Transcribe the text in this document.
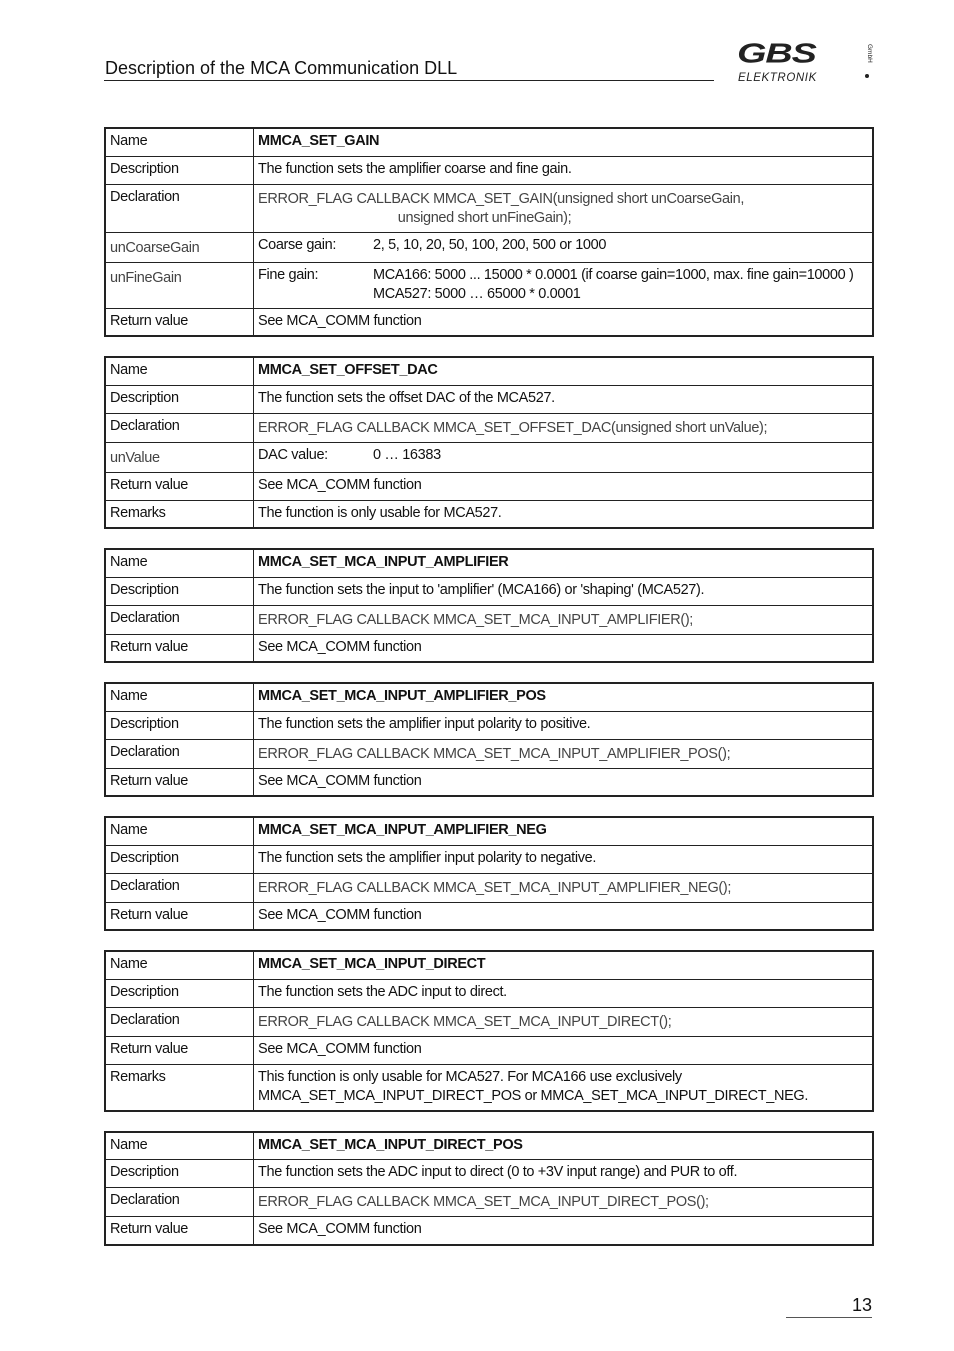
Description of the MCA Communication DLL	GBS
ELEKTRONIK
GmbH
Name	MMCA_SET_GAIN
Description	The function sets the amplifier coarse and fine gain.
Declaration	ERROR_FLAG CALLBACK MMCA_SET_GAIN(unsigned short unCoarseGain,
unsigned short unFineGain);
unCoarseGain	Coarse gain: 2, 5, 10, 20, 50, 100, 200, 500 or 1000

unFineGain	Fine gain: MCA166: 5000 ... 15000 * 0.0001 (if coarse gain=1000, max. fine gain=10000 )
MCA527: 5000 … 65000 * 0.0001

Return value	See MCA_COMM function
Name	MMCA_SET_OFFSET_DAC
Description	The function sets the offset DAC of the MCA527.
Declaration	ERROR_FLAG CALLBACK MMCA_SET_OFFSET_DAC(unsigned short unValue);
unValue	DAC value: 0 … 16383

Return value	See MCA_COMM function
Remarks	The function is only usable for MCA527.
Name	MMCA_SET_MCA_INPUT_AMPLIFIER
Description	The function sets the input to 'amplifier' (MCA166) or 'shaping' (MCA527).
Declaration	ERROR_FLAG CALLBACK MMCA_SET_MCA_INPUT_AMPLIFIER();
Return value	See MCA_COMM function
Name	MMCA_SET_MCA_INPUT_AMPLIFIER_POS
Description	The function sets the amplifier input polarity to positive.
Declaration	ERROR_FLAG CALLBACK MMCA_SET_MCA_INPUT_AMPLIFIER_POS();
Return value	See MCA_COMM function
Name	MMCA_SET_MCA_INPUT_AMPLIFIER_NEG
Description	The function sets the amplifier input polarity to negative.
Declaration	ERROR_FLAG CALLBACK MMCA_SET_MCA_INPUT_AMPLIFIER_NEG();
Return value	See MCA_COMM function
Name	MMCA_SET_MCA_INPUT_DIRECT
Description	The function sets the ADC input to direct.
Declaration	ERROR_FLAG CALLBACK MMCA_SET_MCA_INPUT_DIRECT();
Return value	See MCA_COMM function
Remarks	This function is only usable for MCA527. For MCA166 use exclusively
MMCA_SET_MCA_INPUT_DIRECT_POS or MMCA_SET_MCA_INPUT_DIRECT_NEG.
Name	MMCA_SET_MCA_INPUT_DIRECT_POS
Description	The function sets the ADC input to direct (0 to +3V input range) and PUR to off.
Declaration	ERROR_FLAG CALLBACK MMCA_SET_MCA_INPUT_DIRECT_POS();
Return value	See MCA_COMM function
13
